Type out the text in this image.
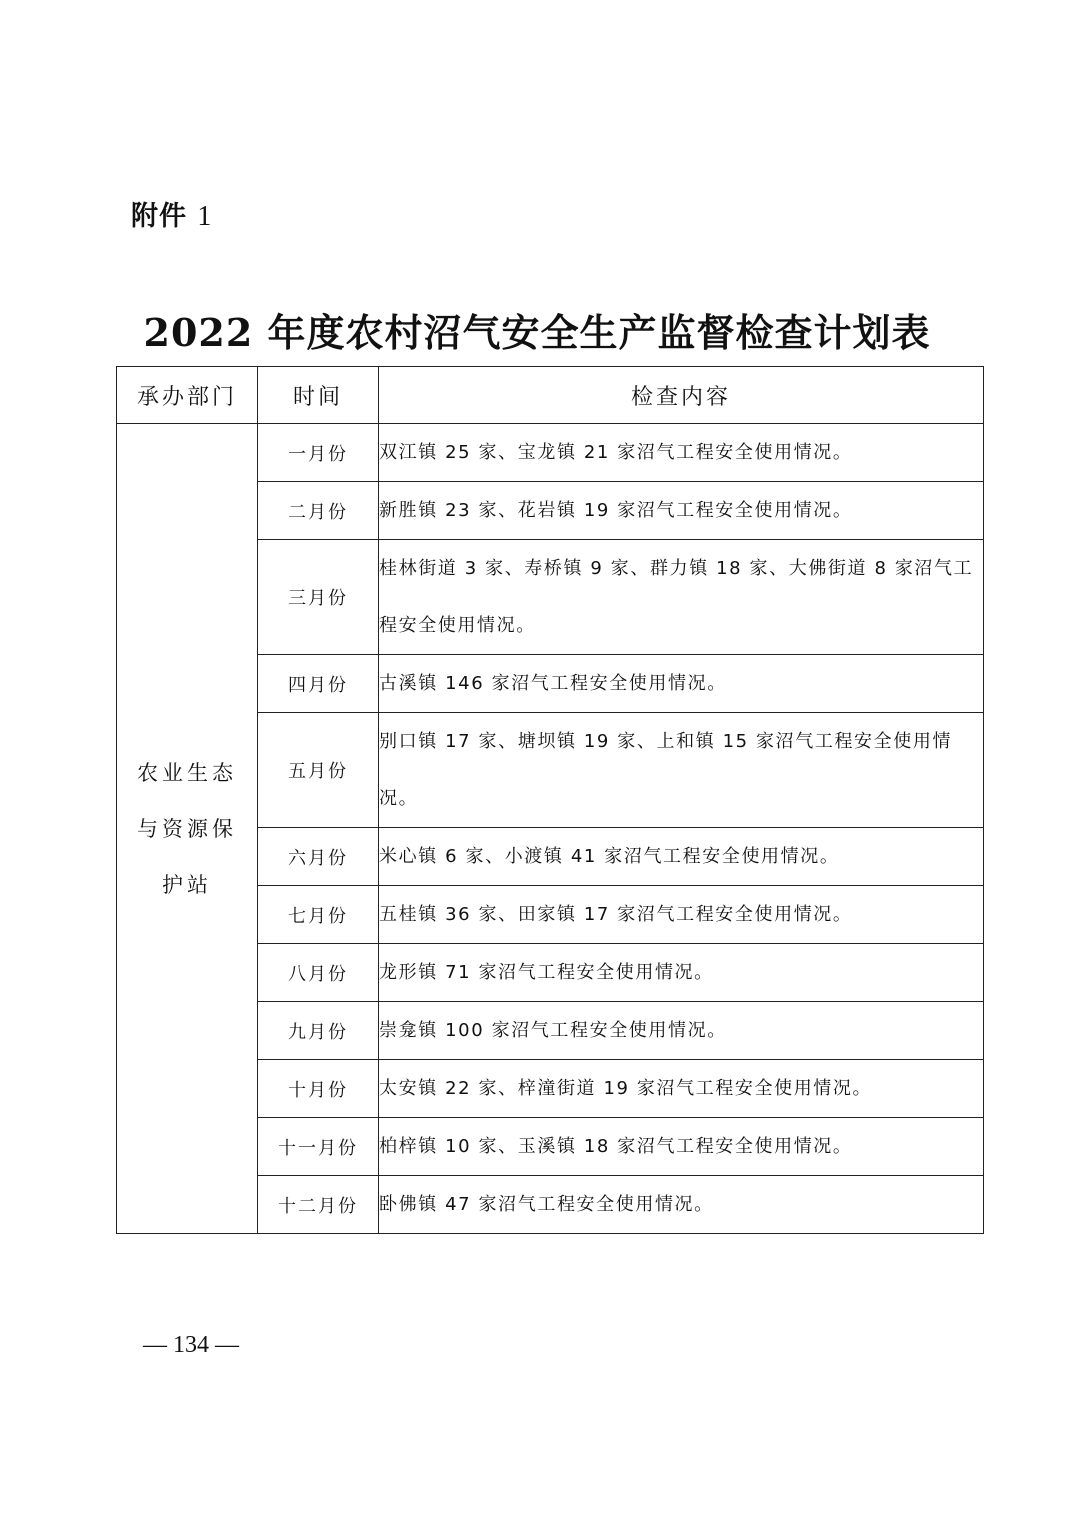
附件 1
2022 年度农村沼气安全生产监督检查计划表
承办部门	时间	检查内容

农业生态
与资源保
护站	一月份	双江镇 25 家、宝龙镇 21 家沼气工程安全使用情况。
	二月份	新胜镇 23 家、花岩镇 19 家沼气工程安全使用情况。
	三月份	桂林街道 3 家、寿桥镇 9 家、群力镇 18 家、大佛街道 8 家沼气工程安全使用情况。
	四月份	古溪镇 146 家沼气工程安全使用情况。
	五月份	别口镇 17 家、塘坝镇 19 家、上和镇 15 家沼气工程安全使用情况。
	六月份	米心镇 6 家、小渡镇 41 家沼气工程安全使用情况。
	七月份	五桂镇 36 家、田家镇 17 家沼气工程安全使用情况。
	八月份	龙形镇 71 家沼气工程安全使用情况。
	九月份	崇龛镇 100 家沼气工程安全使用情况。
	十月份	太安镇 22 家、梓潼街道 19 家沼气工程安全使用情况。
	十一月份	柏梓镇 10 家、玉溪镇 18 家沼气工程安全使用情况。
	十二月份	卧佛镇 47 家沼气工程安全使用情况。
— 134 —
